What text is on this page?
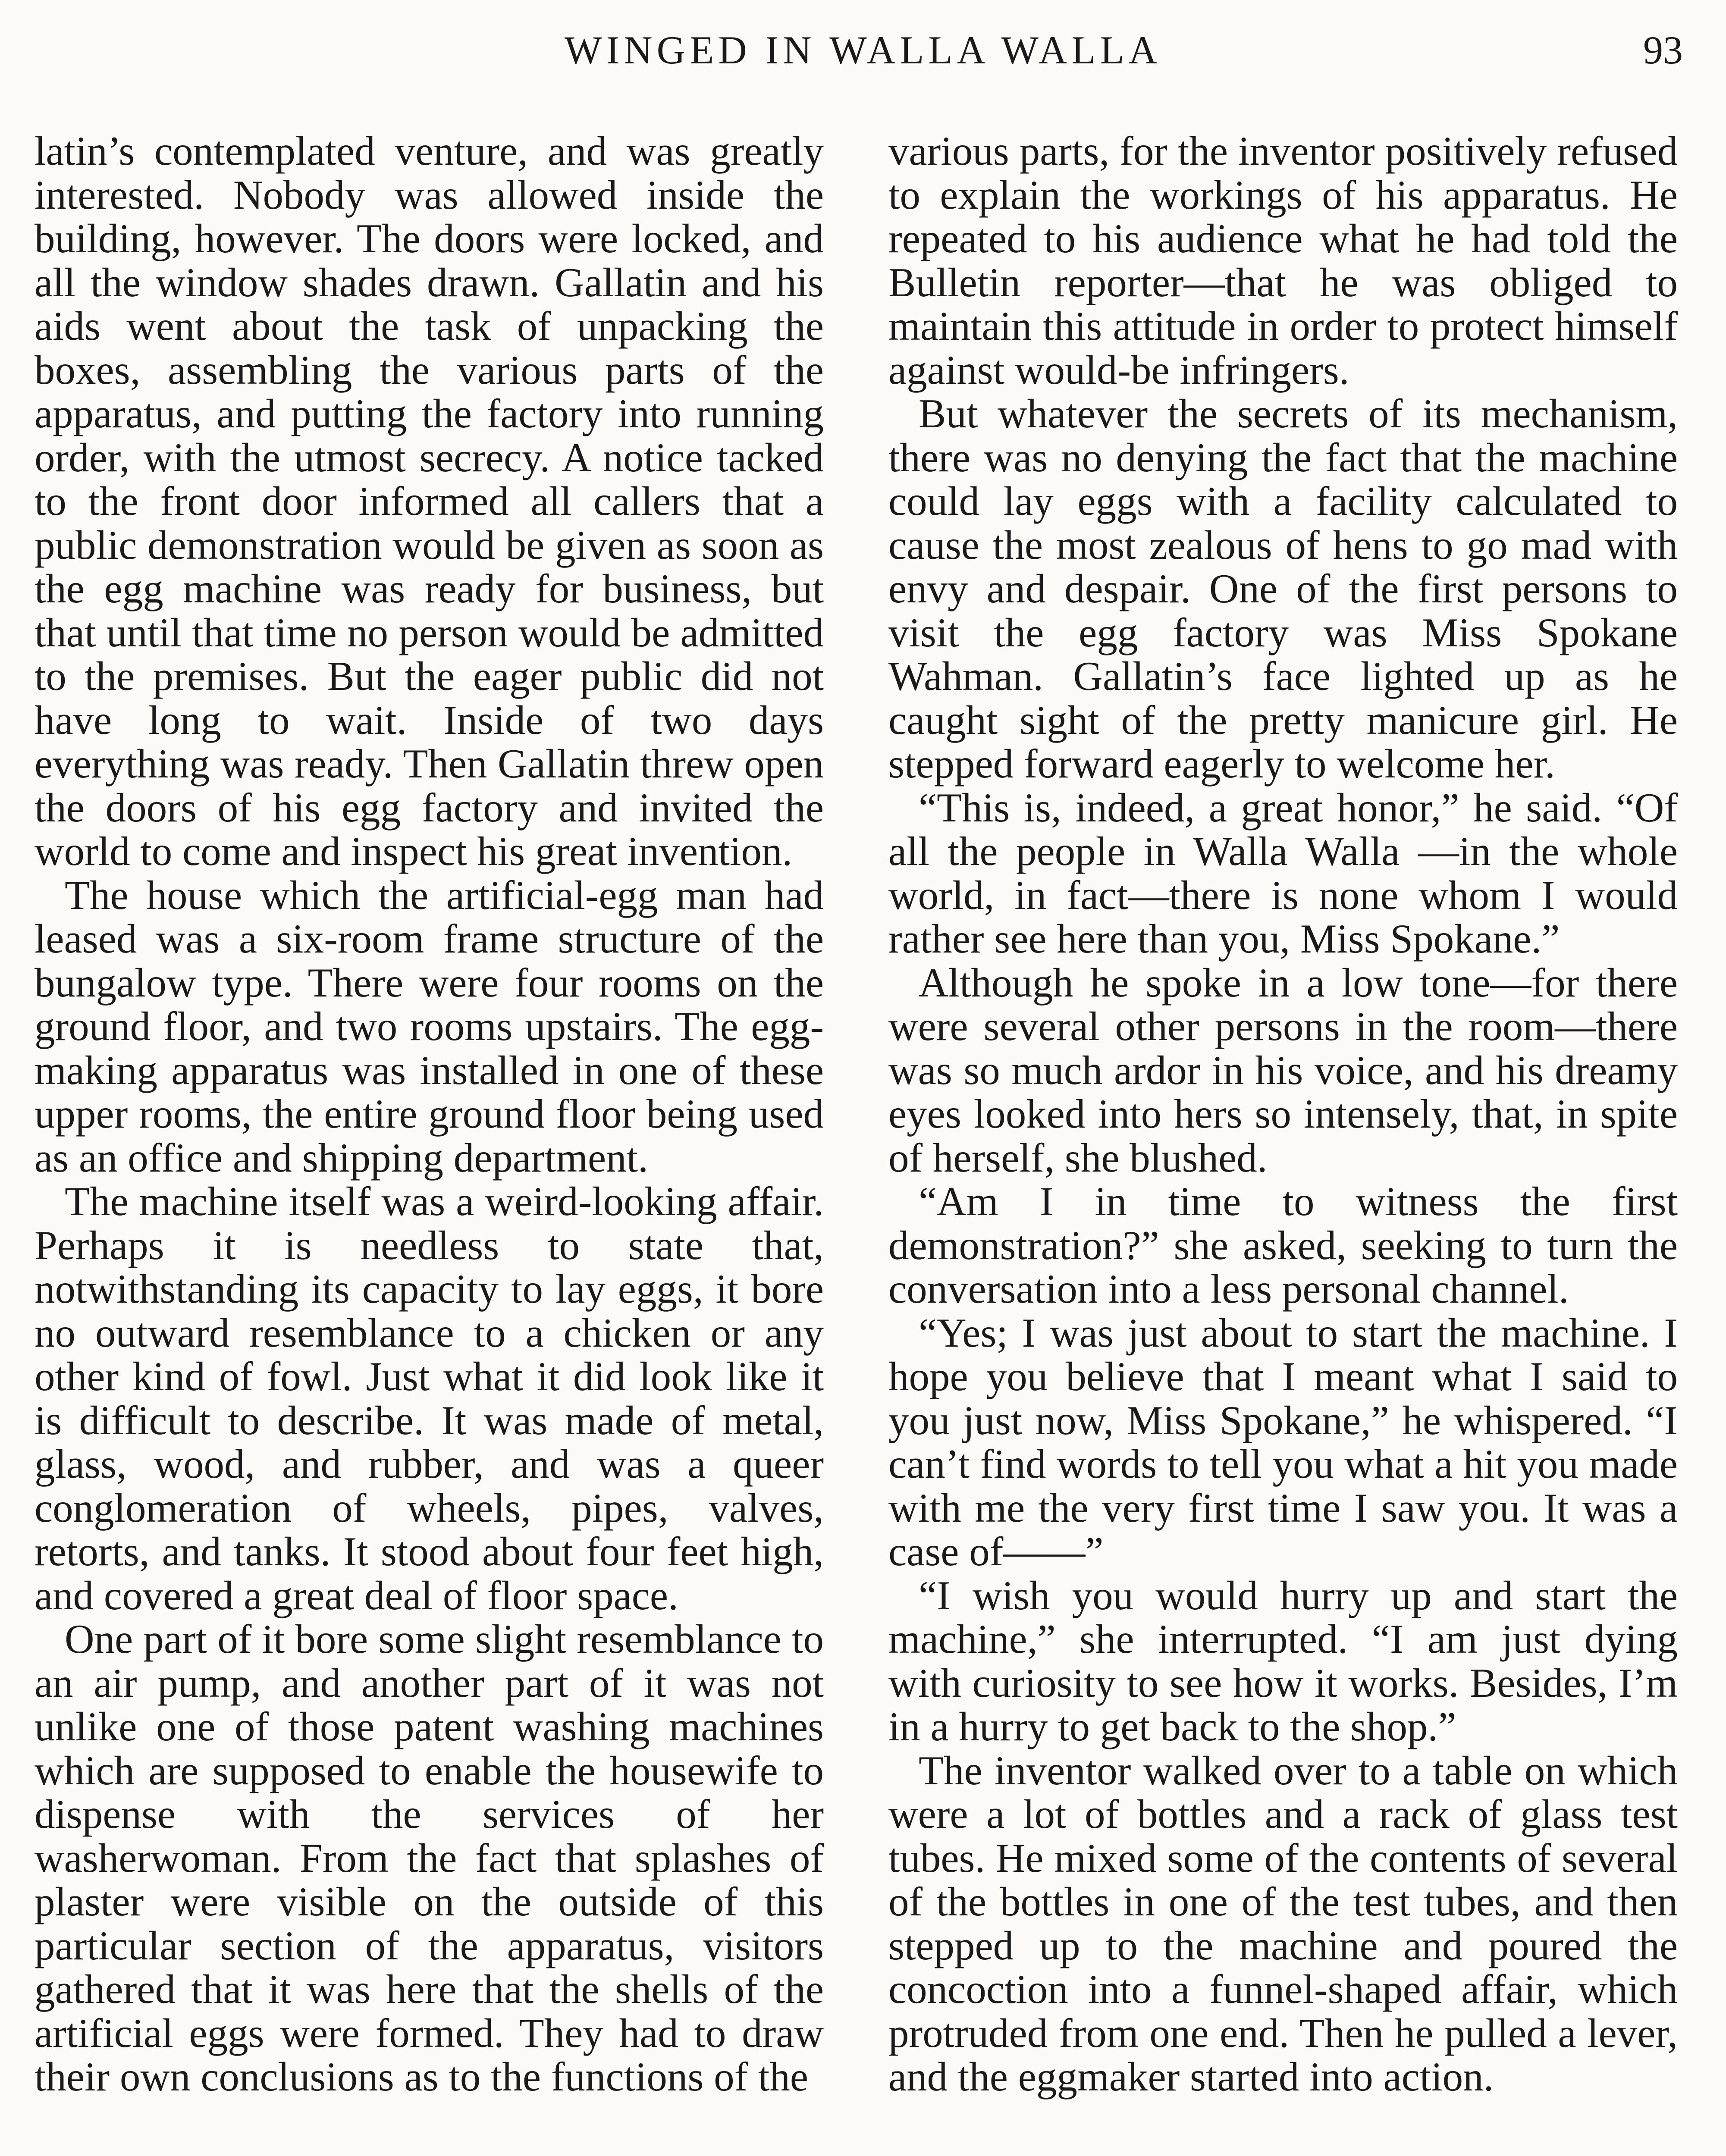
WINGED IN WALLA WALLA	93

latin’s contemplated venture, and was greatly interested. Nobody was allowed inside the building, however. The doors were locked, and all the window shades drawn. Gallatin and his aids went about the task of unpacking the boxes, assembling the various parts of the apparatus, and putting the factory into running order, with the utmost secrecy. A notice tacked to the front door informed all callers that a public demonstration would be given as soon as the egg machine was ready for business, but that until that time no person would be admitted to the premises. But the eager public did not have long to wait. Inside of two days everything was ready. Then Gallatin threw open the doors of his egg factory and invited the world to come and inspect his great invention.

The house which the artificial-egg man had leased was a six-room frame structure of the bungalow type. There were four rooms on the ground floor, and two rooms upstairs. The egg-making apparatus was installed in one of these upper rooms, the entire ground floor being used as an office and shipping department.

The machine itself was a weird-looking affair. Perhaps it is needless to state that, notwithstanding its capacity to lay eggs, it bore no outward resemblance to a chicken or any other kind of fowl. Just what it did look like it is difficult to describe. It was made of metal, glass, wood, and rubber, and was a queer conglomeration of wheels, pipes, valves, retorts, and tanks. It stood about four feet high, and covered a great deal of floor space.

One part of it bore some slight resemblance to an air pump, and another part of it was not unlike one of those patent washing machines which are supposed to enable the housewife to dispense with the services of her washerwoman. From the fact that splashes of plaster were visible on the outside of this particular section of the apparatus, visitors gathered that it was here that the shells of the artificial eggs were formed. They had to draw their own conclusions as to the functions of the

various parts, for the inventor positively refused to explain the workings of his apparatus. He repeated to his audience what he had told the Bulletin reporter—that he was obliged to maintain this attitude in order to protect himself against would-be infringers.

But whatever the secrets of its mechanism, there was no denying the fact that the machine could lay eggs with a facility calculated to cause the most zealous of hens to go mad with envy and despair. One of the first persons to visit the egg factory was Miss Spokane Wahman. Gallatin’s face lighted up as he caught sight of the pretty manicure girl. He stepped forward eagerly to welcome her.

“This is, indeed, a great honor,” he said. “Of all the people in Walla Walla —in the whole world, in fact—there is none whom I would rather see here than you, Miss Spokane.”

Although he spoke in a low tone—for there were several other persons in the room—there was so much ardor in his voice, and his dreamy eyes looked into hers so intensely, that, in spite of herself, she blushed.

“Am I in time to witness the first demonstration?” she asked, seeking to turn the conversation into a less personal channel.

“Yes; I was just about to start the machine. I hope you believe that I meant what I said to you just now, Miss Spokane,” he whispered. “I can’t find words to tell you what a hit you made with me the very first time I saw you. It was a case of——”

“I wish you would hurry up and start the machine,” she interrupted. “I am just dying with curiosity to see how it works. Besides, I’m in a hurry to get back to the shop.”

The inventor walked over to a table on which were a lot of bottles and a rack of glass test tubes. He mixed some of the contents of several of the bottles in one of the test tubes, and then stepped up to the machine and poured the concoction into a funnel-shaped affair, which protruded from one end. Then he pulled a lever, and the eggmaker started into action.
